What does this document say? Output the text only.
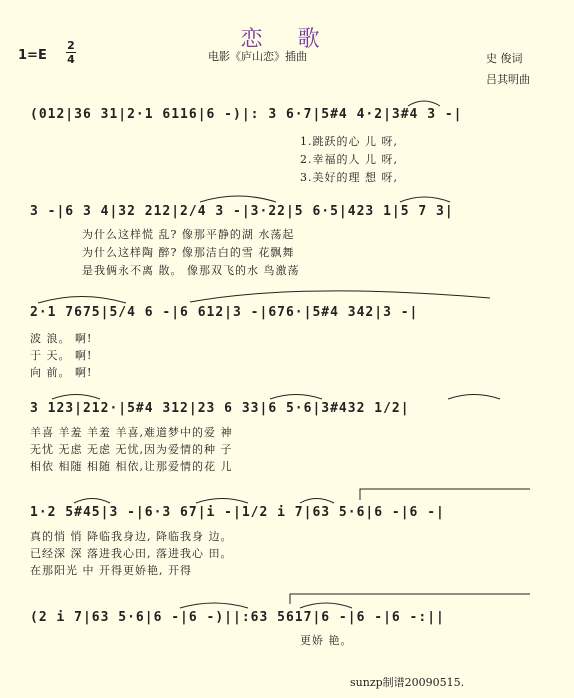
恋 歌
1=E
2
4	电影《庐山恋》插曲	史 俊词
吕其明曲
(012|36 31|2·1 6116|6 -)|: 3 6·7|5#4 4·2|3#4 3 -|
1.跳跃的心 儿 呀,
2.幸福的人 儿 呀,
3.美好的理 想 呀,
3 -|6 3 4|32 212|2/4 3 -|3·22|5 6·5|423 1|5 7 3|
为什么这样慌 乱? 像那平静的湖 水荡起
为什么这样陶 醉? 像那洁白的雪 花飘舞
是我俩永不离 散。 像那双飞的水 鸟激荡
2·1 7675|5/4 6 -|6 612|3 -|676·|5#4 342|3 -|
波 浪。 啊!
于 天。 啊!
向 前。 啊!
3 123|212·|5#4 312|23 6 33|6 5·6|3#432 1/2|
羊喜 羊羞 羊羞 羊喜,难道梦中的爱 神
无忧 无虑 无虑 无忧,因为爱情的种 子
相依 相随 相随 相依,让那爱情的花 儿
1·2 5#45|3 -|6·3 67|i -|1/2 i 7|63 5·6|6 -|6 -|
真的悄 悄 降临我身边, 降临我身 边。
已经深 深 落进我心田, 落进我心 田。
在那阳光 中 开得更娇艳, 开得
(2 i 7|63 5·6|6 -|6 -)||:63 5617|6 -|6 -|6 -:||
更娇 艳。
sunzp制谱20090515.
